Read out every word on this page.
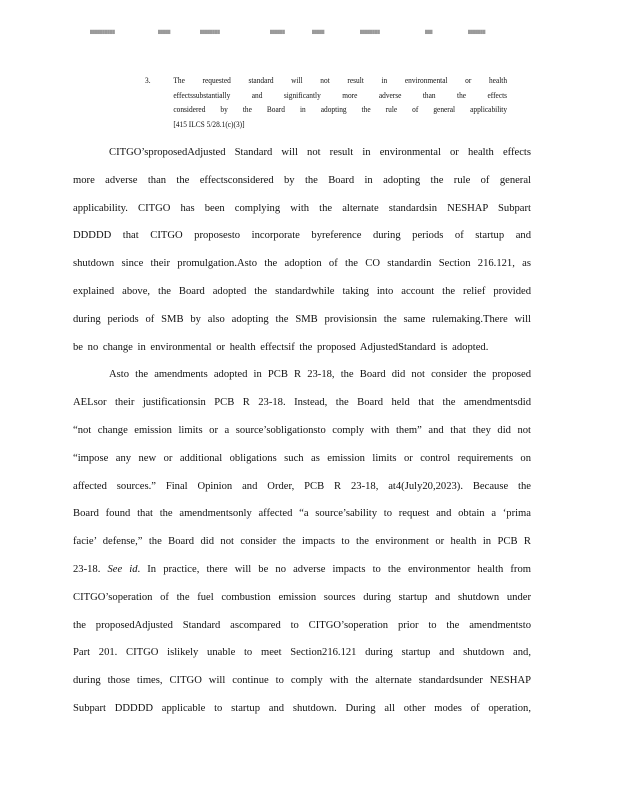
██████████	█████	████████	██████	█████	████████	███	███████
3.	The requested standard will not result in environmental or health
effectssubstantially and significantly more adverse than the effects
considered by the Board in adopting the rule of general applicability
[415 ILCS 5/28.1(c)(3)]
CITGO’sproposedAdjusted Standard will not result in environmental or health effects
more adverse than the effectsconsidered by the Board in adopting the rule of general
applicability. CITGO has been complying with the alternate standardsin NESHAP Subpart
DDDDD that CITGO proposesto incorporate byreference during periods of startup and
shutdown since their promulgation.Asto the adoption of the CO standardin Section 216.121, as
explained above, the Board adopted the standardwhile taking into account the relief provided
during periods of SMB by also adopting the SMB provisionsin the same rulemaking.There will
be no change in environmental or health effectsif the proposed AdjustedStandard is adopted.
Asto the amendments adopted in PCB R 23-18, the Board did not consider the proposed
AELsor their justificationsin PCB R 23-18. Instead, the Board held that the amendmentsdid
“not change emission limits or a source’sobligationsto comply with them” and that they did not
“impose any new or additional obligations such as emission limits or control requirements on
affected sources.” Final Opinion and Order, PCB R 23-18, at4(July20,2023). Because the
Board found that the amendmentsonly affected “a source’sability to request and obtain a ‘prima
facie’ defense,” the Board did not consider the impacts to the environment or health in PCB R
23-18. See id. In practice, there will be no adverse impacts to the environmentor health from
CITGO’soperation of the fuel combustion emission sources during startup and shutdown under
the proposedAdjusted Standard ascompared to CITGO’soperation prior to the amendmentsto
Part 201. CITGO islikely unable to meet Section216.121 during startup and shutdown and,
during those times, CITGO will continue to comply with the alternate standardsunder NESHAP
Subpart DDDDD applicable to startup and shutdown. During all other modes of operation,
